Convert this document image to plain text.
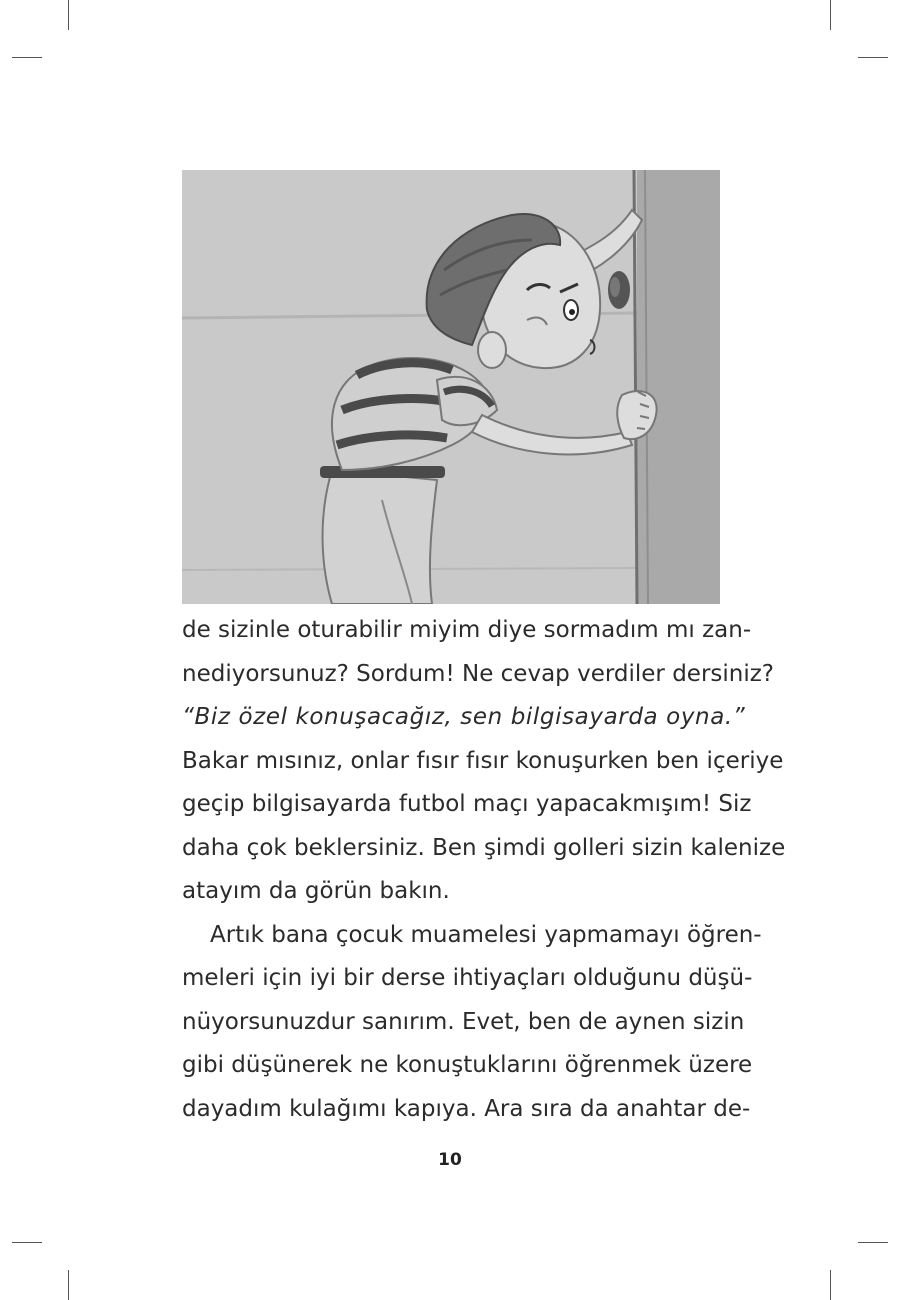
de sizinle oturabilir miyim diye sormadım mı zan-
nediyorsunuz? Sordum! Ne cevap verdiler dersiniz?
“Biz özel konuşacağız, sen bilgisayarda oyna.”
Bakar mısınız, onlar fısır fısır konuşurken ben içeriye
geçip bilgisayarda futbol maçı yapacakmışım! Siz
daha çok beklersiniz. Ben şimdi golleri sizin kalenize
atayım da görün bakın.
Artık bana çocuk muamelesi yapmamayı öğren-
meleri için iyi bir derse ihtiyaçları olduğunu düşü-
nüyorsunuzdur sanırım. Evet, ben de aynen sizin
gibi düşünerek ne konuştuklarını öğrenmek üzere
dayadım kulağımı kapıya. Ara sıra da anahtar de-
10
